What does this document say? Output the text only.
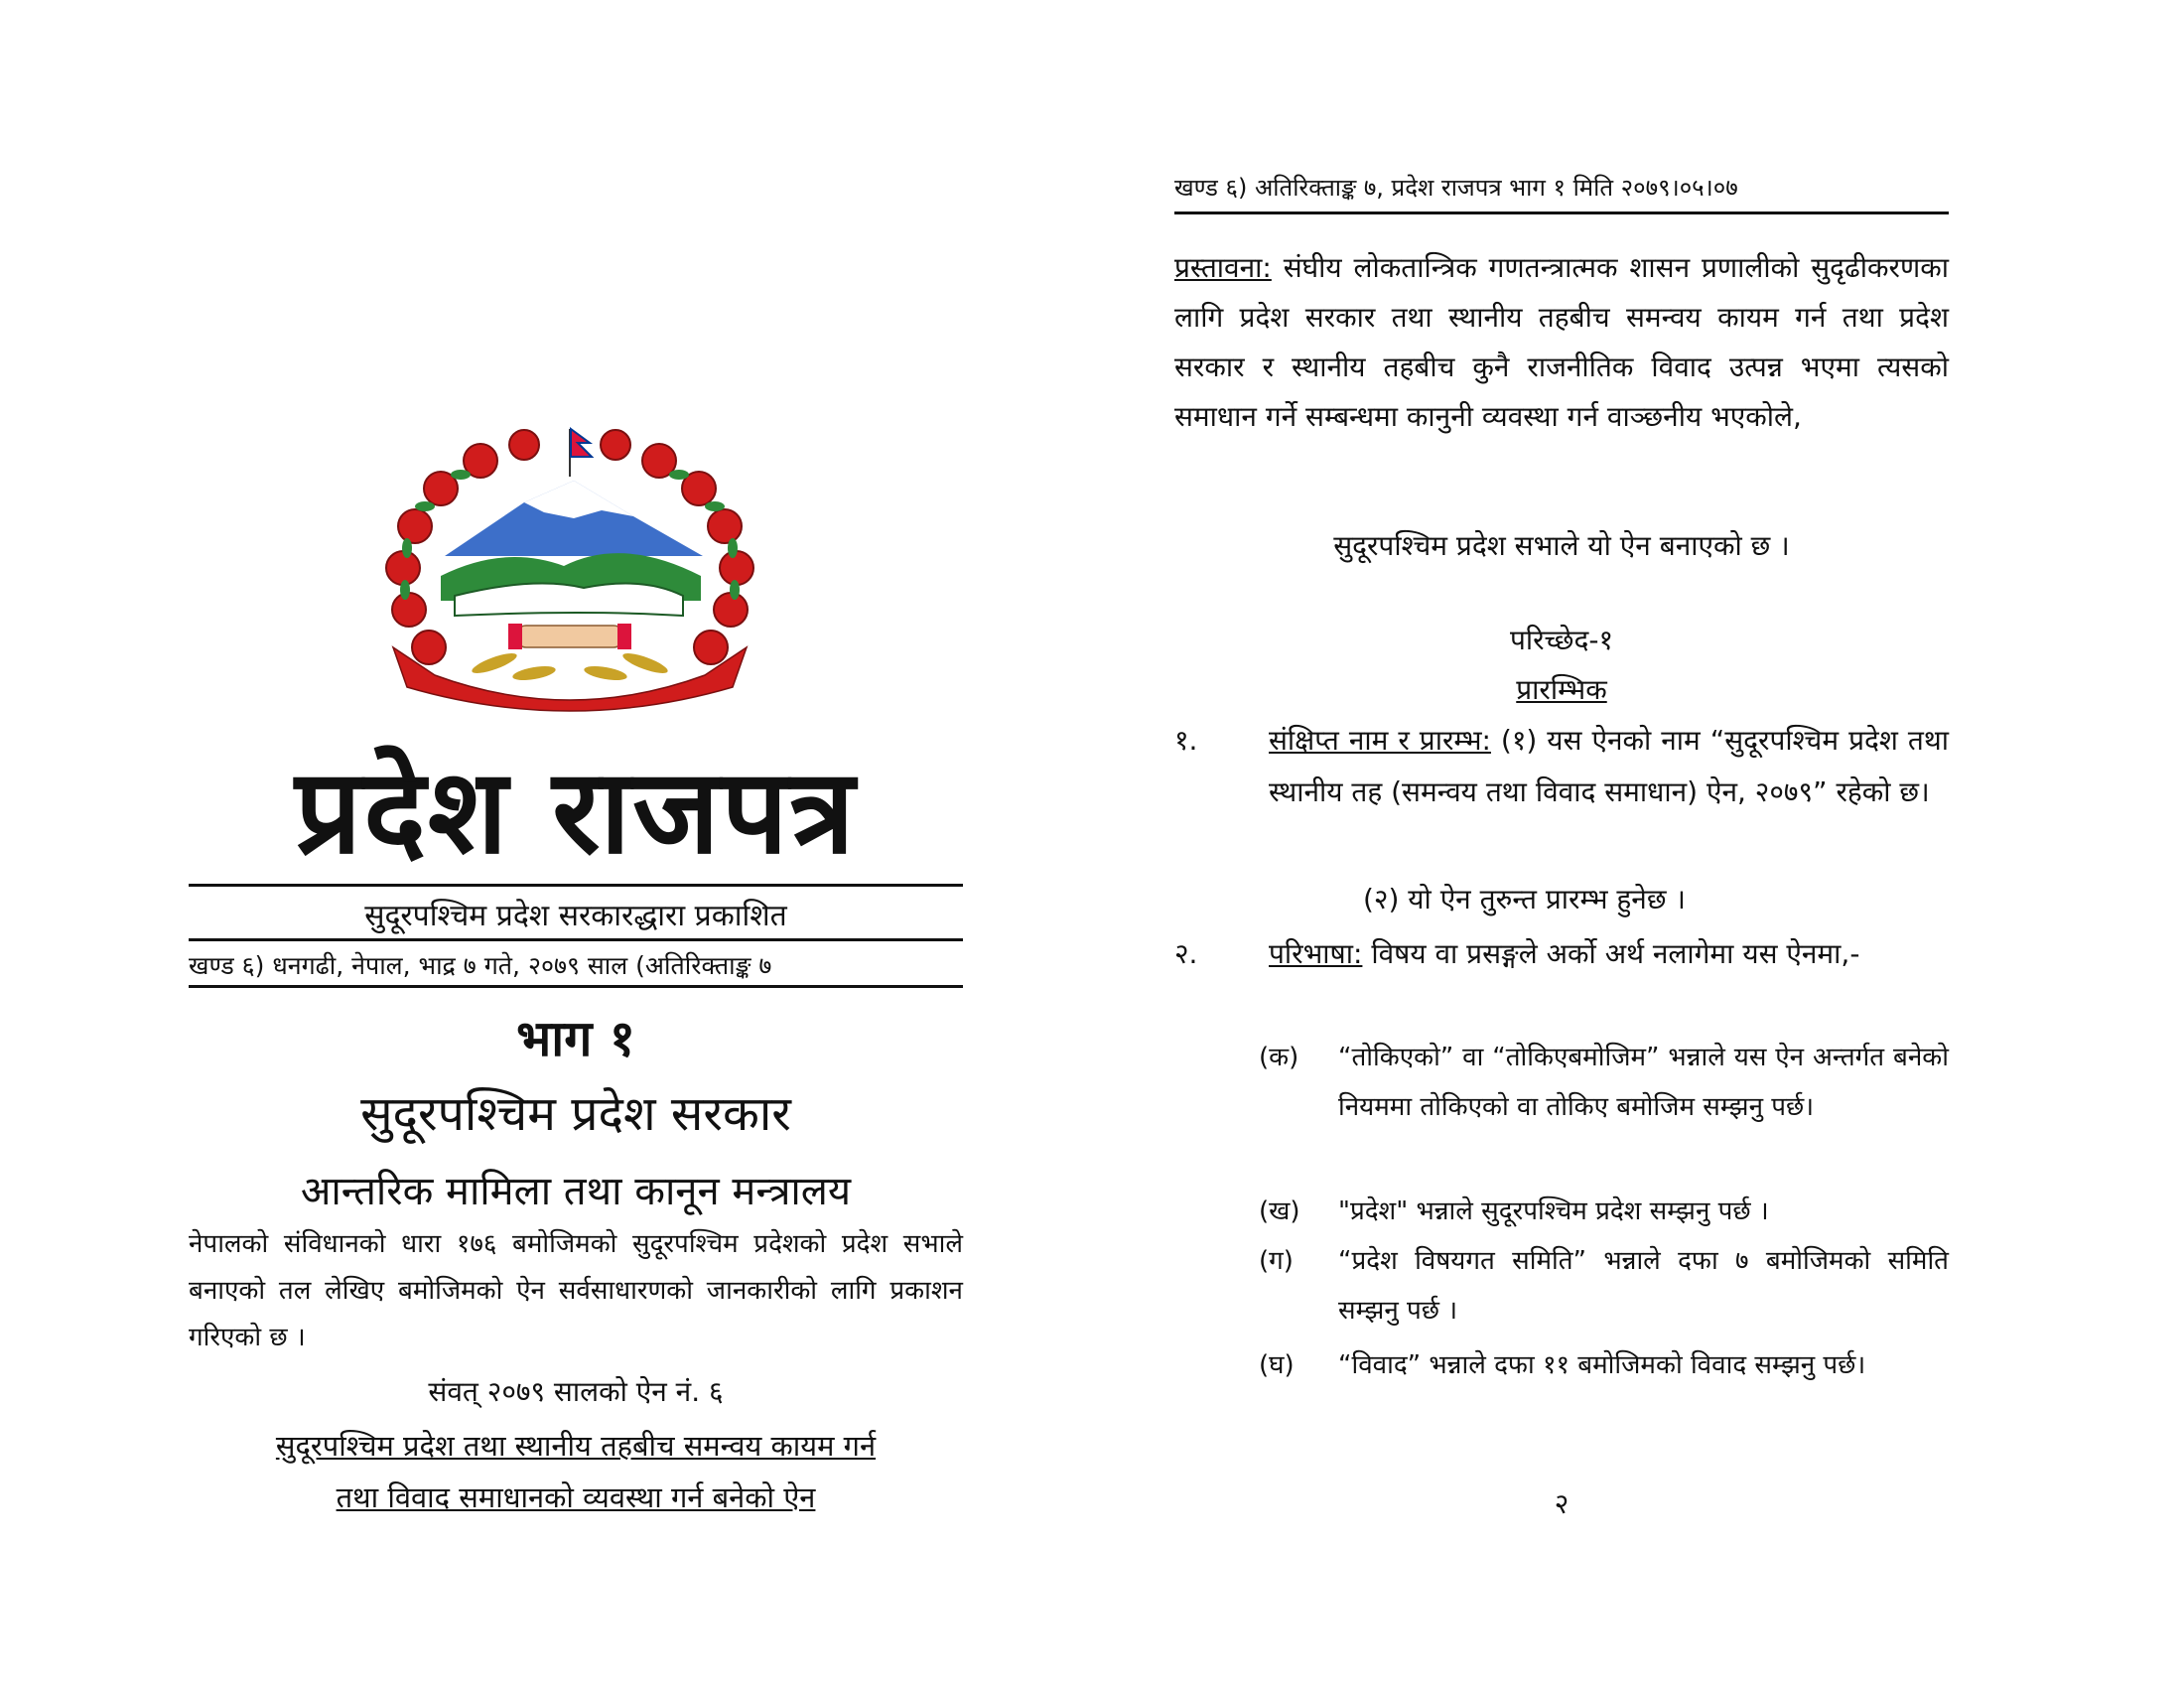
प्रदेश राजपत्र
सुदूरपश्चिम प्रदेश सरकारद्धारा प्रकाशित
खण्ड ६) धनगढी, नेपाल, भाद्र ७ गते, २०७९ साल (अतिरिक्ताङ्क ७
भाग १
सुदूरपश्चिम प्रदेश सरकार
आन्तरिक मामिला तथा कानून मन्त्रालय
नेपालको संविधानको धारा १७६ बमोजिमको सुदूरपश्चिम प्रदेशको प्रदेश सभाले बनाएको तल लेखिए बमोजिमको ऐन सर्वसाधारणको जानकारीको लागि प्रकाशन गरिएको छ ।
संवत् २०७९ सालको ऐन नं. ६
सुदूरपश्चिम प्रदेश तथा स्थानीय तहबीच समन्वय कायम गर्न
तथा विवाद समाधानको व्यवस्था गर्न बनेको ऐन
खण्ड ६) अतिरिक्ताङ्क ७, प्रदेश राजपत्र भाग १ मिति २०७९।०५।०७
प्रस्तावना: संघीय लोकतान्त्रिक गणतन्त्रात्मक शासन प्रणालीको सुदृढीकरणका लागि प्रदेश सरकार तथा स्थानीय तहबीच समन्वय कायम गर्न तथा प्रदेश सरकार र स्थानीय तहबीच कुनै राजनीतिक विवाद उत्पन्न भएमा त्यसको समाधान गर्ने सम्बन्धमा कानुनी व्यवस्था गर्न वाञ्छनीय भएकोले,
सुदूरपश्चिम प्रदेश सभाले यो ऐन बनाएको छ ।
परिच्छेद-१
प्रारम्भिक
१.	संक्षिप्त नाम र प्रारम्भ: (१) यस ऐनको नाम “सुदूरपश्चिम प्रदेश तथा स्थानीय तह (समन्वय तथा विवाद समाधान) ऐन, २०७९” रहेको छ।
(२) यो ऐन तुरुन्त प्रारम्भ हुनेछ ।
२.	परिभाषा: विषय वा प्रसङ्गले अर्को अर्थ नलागेमा यस ऐनमा,-
(क)	“तोकिएको” वा “तोकिएबमोजिम” भन्नाले यस ऐन अन्तर्गत बनेको नियममा तोकिएको वा तोकिए बमोजिम सम्झनु पर्छ।
(ख)	"प्रदेश" भन्नाले सुदूरपश्चिम प्रदेश सम्झनु पर्छ ।
(ग)	“प्रदेश विषयगत समिति” भन्नाले दफा ७ बमोजिमको समिति सम्झनु पर्छ ।
(घ)	“विवाद” भन्नाले दफा ११ बमोजिमको विवाद सम्झनु पर्छ।
२
